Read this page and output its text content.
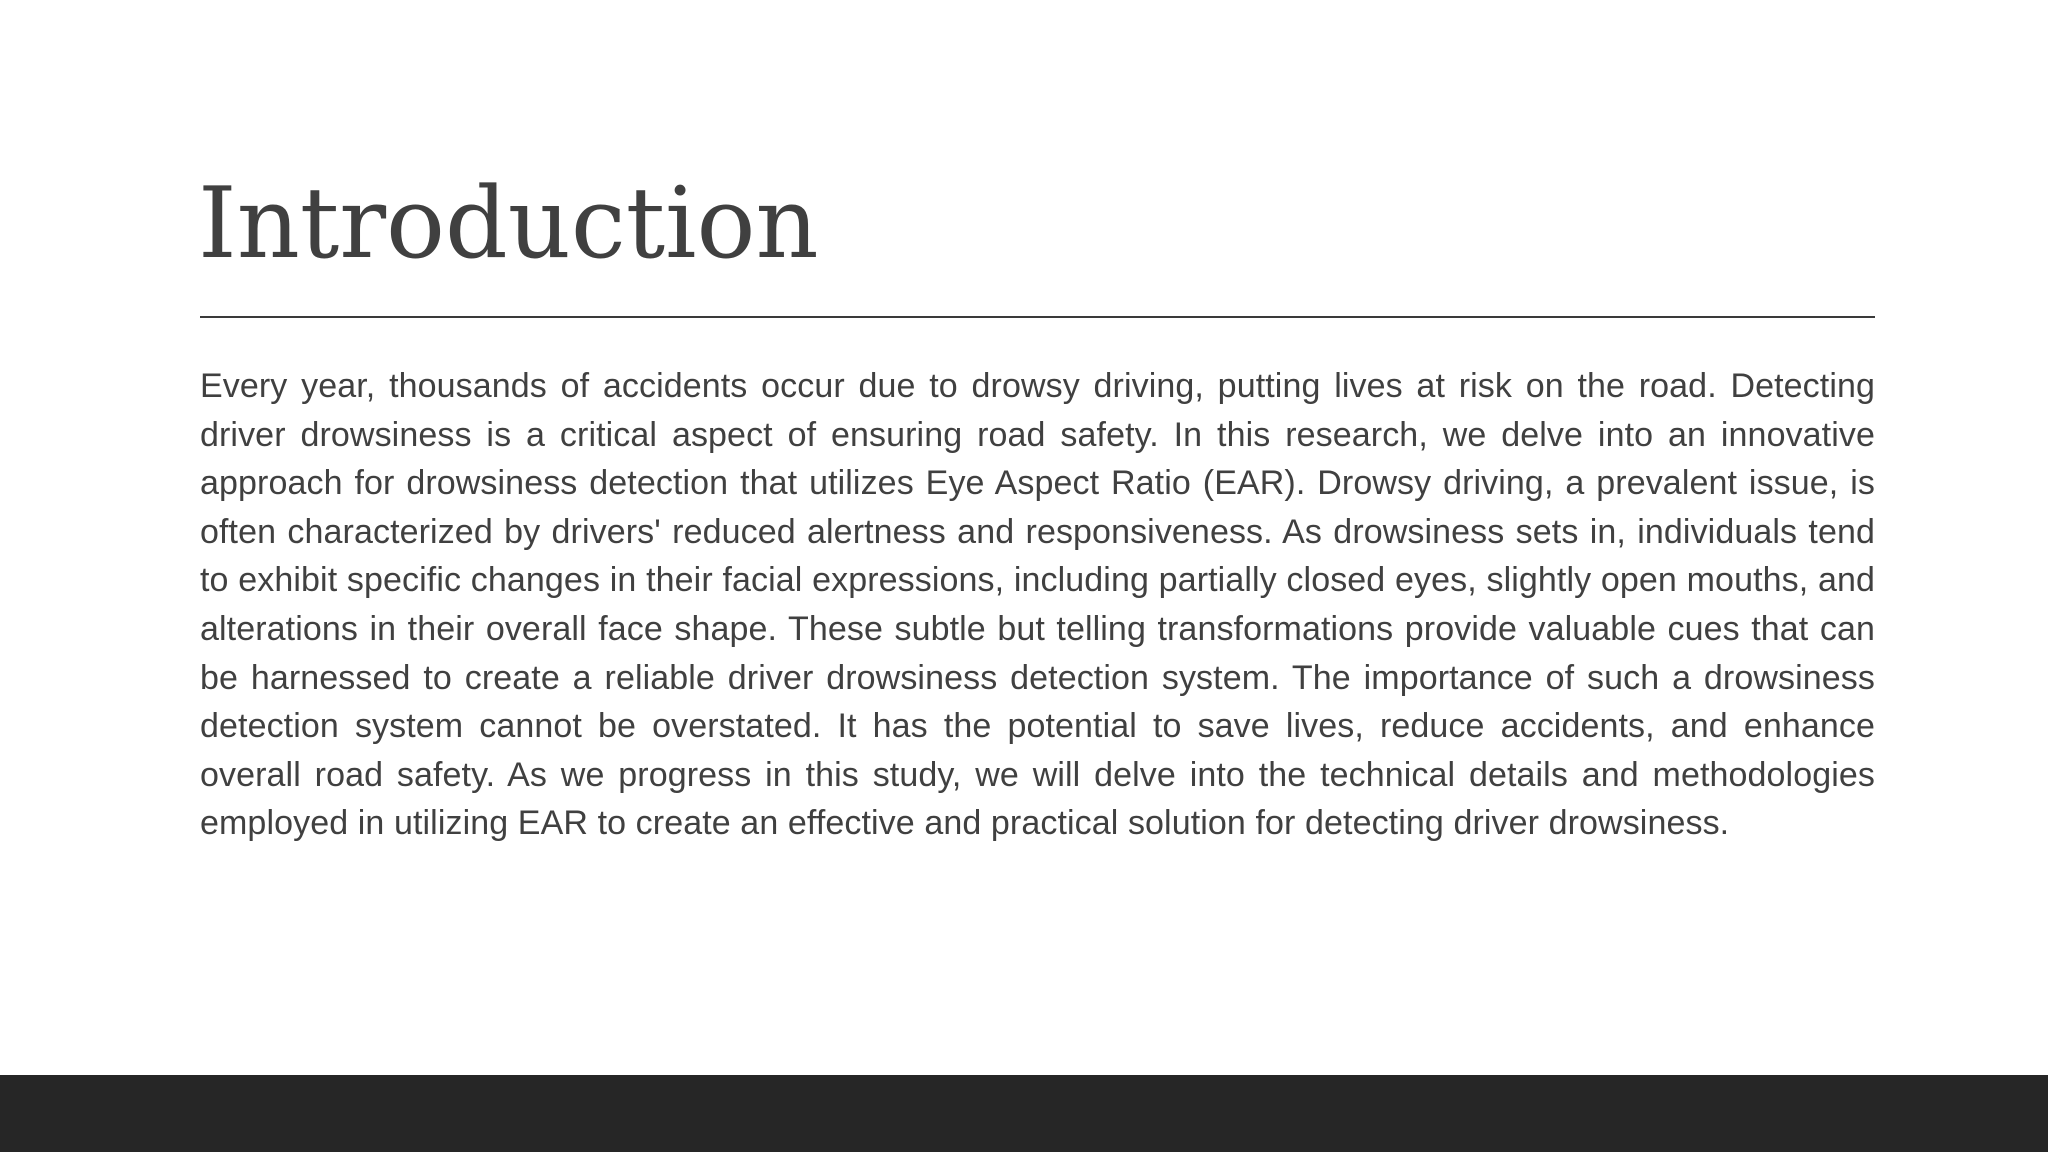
Introduction

Every year, thousands of accidents occur due to drowsy driving, putting lives at risk on the road. Detecting driver drowsiness is a critical aspect of ensuring road safety. In this research, we delve into an innovative approach for drowsiness detection that utilizes Eye Aspect Ratio (EAR). Drowsy driving, a prevalent issue, is often characterized by drivers' reduced alertness and responsiveness. As drowsiness sets in, individuals tend to exhibit specific changes in their facial expressions, including partially closed eyes, slightly open mouths, and alterations in their overall face shape. These subtle but telling transformations provide valuable cues that can be harnessed to create a reliable driver drowsiness detection system. The importance of such a drowsiness detection system cannot be overstated. It has the potential to save lives, reduce accidents, and enhance overall road safety. As we progress in this study, we will delve into the technical details and methodologies employed in utilizing EAR to create an effective and practical solution for detecting driver drowsiness.
